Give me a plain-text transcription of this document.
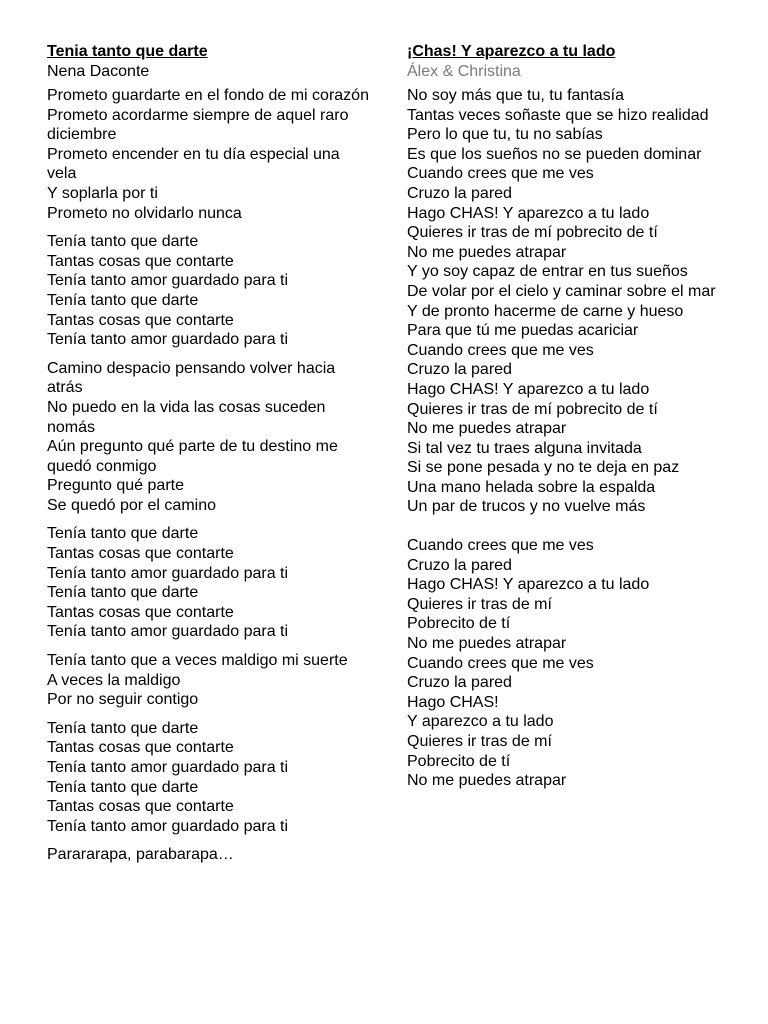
Tenia tanto que darte

Nena Daconte

Prometo guardarte en el fondo de mi corazón
Prometo acordarme siempre de aquel raro diciembre
Prometo encender en tu día especial una vela
Y soplarla por ti
Prometo no olvidarlo nunca
Tenía tanto que darte
Tantas cosas que contarte
Tenía tanto amor guardado para ti
Tenía tanto que darte
Tantas cosas que contarte
Tenía tanto amor guardado para ti
Camino despacio pensando volver hacia atrás
No puedo en la vida las cosas suceden nomás
Aún pregunto qué parte de tu destino me quedó conmigo
Pregunto qué parte
Se quedó por el camino
Tenía tanto que darte
Tantas cosas que contarte
Tenía tanto amor guardado para ti
Tenía tanto que darte
Tantas cosas que contarte
Tenía tanto amor guardado para ti
Tenía tanto que a veces maldigo mi suerte
A veces la maldigo
Por no seguir contigo
Tenía tanto que darte
Tantas cosas que contarte
Tenía tanto amor guardado para ti
Tenía tanto que darte
Tantas cosas que contarte
Tenía tanto amor guardado para ti
Parararapa, parabarapa…

¡Chas! Y aparezco a tu lado

Álex & Christina

No soy más que tu, tu fantasía
Tantas veces soñaste que se hizo realidad
Pero lo que tu, tu no sabías
Es que los sueños no se pueden dominar
Cuando crees que me ves
Cruzo la pared
Hago CHAS! Y aparezco a tu lado
Quieres ir tras de mí pobrecito de tí
No me puedes atrapar
Y yo soy capaz de entrar en tus sueños
De volar por el cielo y caminar sobre el mar
Y de pronto hacerme de carne y hueso
Para que tú me puedas acariciar
Cuando crees que me ves
Cruzo la pared
Hago CHAS! Y aparezco a tu lado
Quieres ir tras de mí pobrecito de tí
No me puedes atrapar
Si tal vez tu traes alguna invitada
Si se pone pesada y no te deja en paz
Una mano helada sobre la espalda
Un par de trucos y no vuelve más
Cuando crees que me ves
Cruzo la pared
Hago CHAS! Y aparezco a tu lado
Quieres ir tras de mí
Pobrecito de tí
No me puedes atrapar
Cuando crees que me ves
Cruzo la pared
Hago CHAS!
Y aparezco a tu lado
Quieres ir tras de mí
Pobrecito de tí
No me puedes atrapar
